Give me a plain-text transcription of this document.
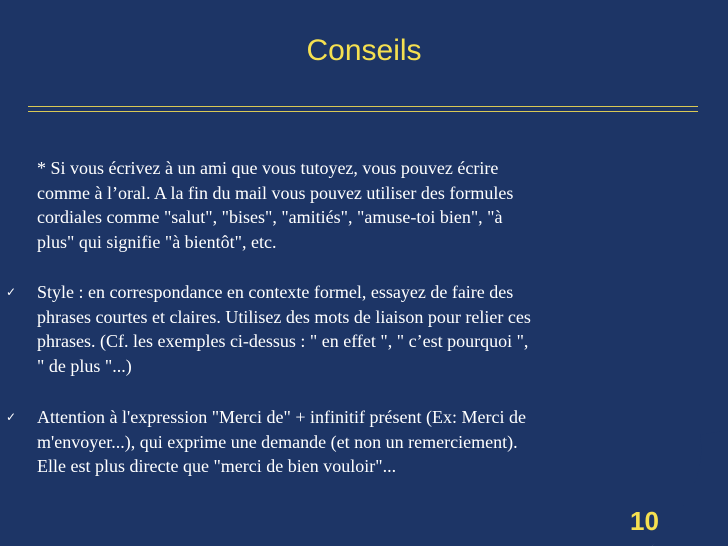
Conseils

* Si vous écrivez à un ami que vous tutoyez, vous pouvez écrire
comme à l’oral. A la fin du mail vous pouvez utiliser des formules
cordiales comme "salut", "bises", "amitiés", "amuse-toi bien", "à
plus" qui signifie "à bientôt", etc.

✓ Style : en correspondance en contexte formel, essayez de faire des
phrases courtes et claires. Utilisez des mots de liaison pour relier ces
phrases. (Cf. les exemples ci-dessus : " en effet ", " c’est pourquoi ",
" de plus "...)

✓ Attention à l'expression "Merci de" + infinitif présent (Ex: Merci de
m'envoyer...), qui exprime une demande (et non un remerciement).
Elle est plus directe que "merci de bien vouloir"...

10
